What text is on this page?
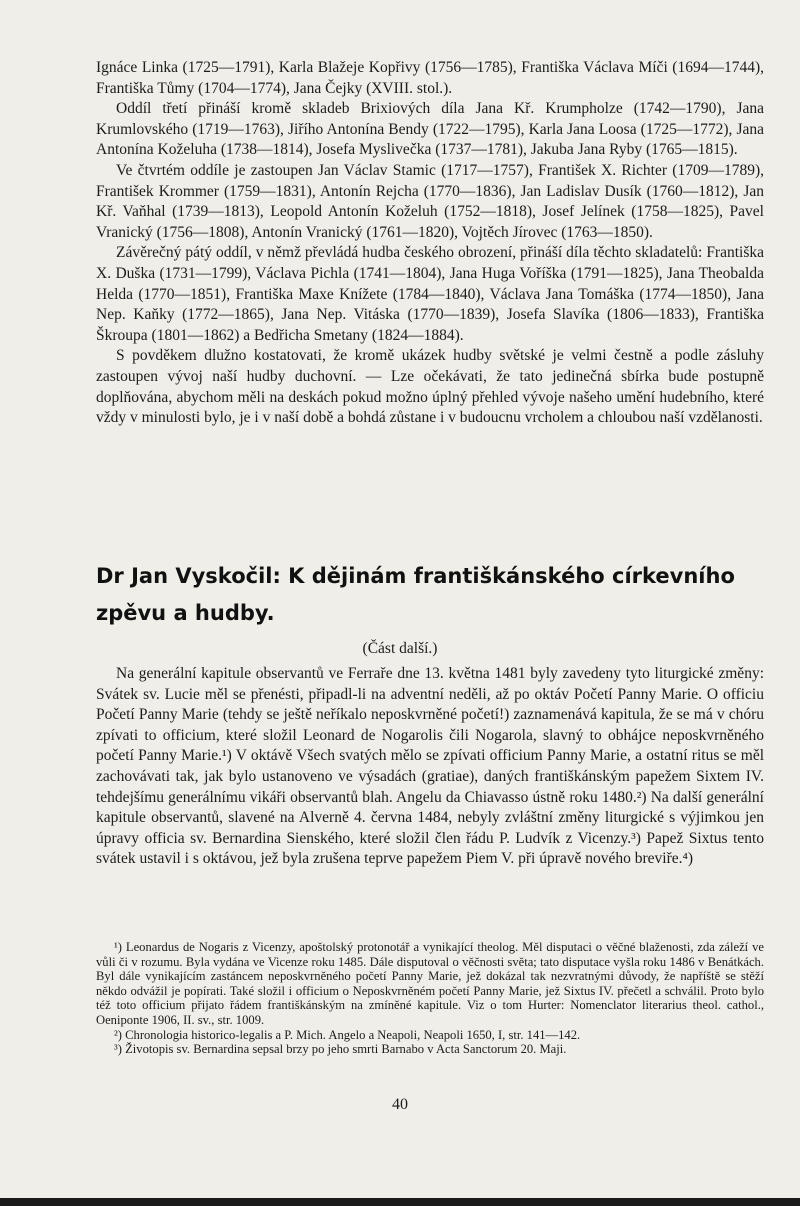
Ignáce Linka (1725—1791), Karla Blažeje Kopřivy (1756—1785), Františka Václava Míči (1694—1744), Františka Tůmy (1704—1774), Jana Čejky (XVIII. stol.).

Oddíl třetí přináší kromě skladeb Brixiových díla Jana Kř. Krumpholze (1742—1790), Jana Krumlovského (1719—1763), Jiřího Antonína Bendy (1722—1795), Karla Jana Loosa (1725—1772), Jana Antonína Koželuha (1738—1814), Josefa Myslivečka (1737—1781), Jakuba Jana Ryby (1765—1815).

Ve čtvrtém oddíle je zastoupen Jan Václav Stamic (1717—1757), František X. Richter (1709—1789), František Krommer (1759—1831), Antonín Rejcha (1770—1836), Jan Ladislav Dusík (1760—1812), Jan Kř. Vaňhal (1739—1813), Leopold Antonín Koželuh (1752—1818), Josef Jelínek (1758—1825), Pavel Vranický (1756—1808), Antonín Vranický (1761—1820), Vojtěch Jírovec (1763—1850).

Závěrečný pátý oddíl, v němž převládá hudba českého obrození, přináší díla těchto skladatelů: Františka X. Duška (1731—1799), Václava Pichla (1741—1804), Jana Huga Voříška (1791—1825), Jana Theobalda Helda (1770—1851), Františka Maxe Knížete (1784—1840), Václava Jana Tomáška (1774—1850), Jana Nep. Kaňky (1772—1865), Jana Nep. Vitáska (1770—1839), Josefa Slavíka (1806—1833), Františka Škroupa (1801—1862) a Bedřicha Smetany (1824—1884).

S povděkem dlužno kostatovati, že kromě ukázek hudby světské je velmi čestně a podle zásluhy zastoupen vývoj naší hudby duchovní. — Lze očekávati, že tato jedinečná sbírka bude postupně doplňována, abychom měli na deskách pokud možno úplný přehled vývoje našeho umění hudebního, které vždy v minulosti bylo, je i v naší době a bohdá zůstane i v budoucnu vrcholem a chloubou naší vzdělanosti.

Dr Jan Vyskočil: K dějinám františkánského církevního zpěvu a hudby.
(Část další.)

Na generální kapitule observantů ve Ferraře dne 13. května 1481 byly zavedeny tyto liturgické změny: Svátek sv. Lucie měl se přenésti, připadl-li na adventní neděli, až po oktáv Početí Panny Marie. O officiu Početí Panny Marie (tehdy se ještě neříkalo neposkvrněné početí!) zaznamenává kapitula, že se má v chóru zpívati to officium, které složil Leonard de Nogarolis čili Nogarola, slavný to obhájce neposkvrněného početí Panny Marie.¹) V oktávě Všech svatých mělo se zpívati officium Panny Marie, a ostatní ritus se měl zachovávati tak, jak bylo ustanoveno ve výsadách (gratiae), daných františkánským papežem Sixtem IV. tehdejšímu generálnímu vikáři observantů blah. Angelu da Chiavasso ústně roku 1480.²) Na další generální kapitule observantů, slavené na Alverně 4. června 1484, nebyly zvláštní změny liturgické s výjimkou jen úpravy officia sv. Bernardina Sienského, které složil člen řádu P. Ludvík z Vicenzy.³) Papež Sixtus tento svátek ustavil i s oktávou, jež byla zrušena teprve papežem Piem V. při úpravě nového breviře.⁴)

¹) Leonardus de Nogaris z Vicenzy, apoštolský protonotář a vynikající theolog. Měl disputaci o věčné blaženosti, zda záleží ve vůli či v rozumu. Byla vydána ve Vicenze roku 1485. Dále disputoval o věčnosti světa; tato disputace vyšla roku 1486 v Benátkách. Byl dále vynikajícím zastáncem neposkvrněného početí Panny Marie, jež dokázal tak nezvratnými důvody, že napříště se stěží někdo odvážil je popírati. Také složil i officium o Neposkvrněném početí Panny Marie, jež Sixtus IV. přečetl a schválil. Proto bylo též toto officium přijato řádem františkánským na zmíněné kapitule. Viz o tom Hurter: Nomenclator literarius theol. cathol., Oeniponte 1906, II. sv., str. 1009.

²) Chronologia historico-legalis a P. Mich. Angelo a Neapoli, Neapoli 1650, I, str. 141—142.

³) Životopis sv. Bernardina sepsal brzy po jeho smrti Barnabo v Acta Sanctorum 20. Maji.

40
